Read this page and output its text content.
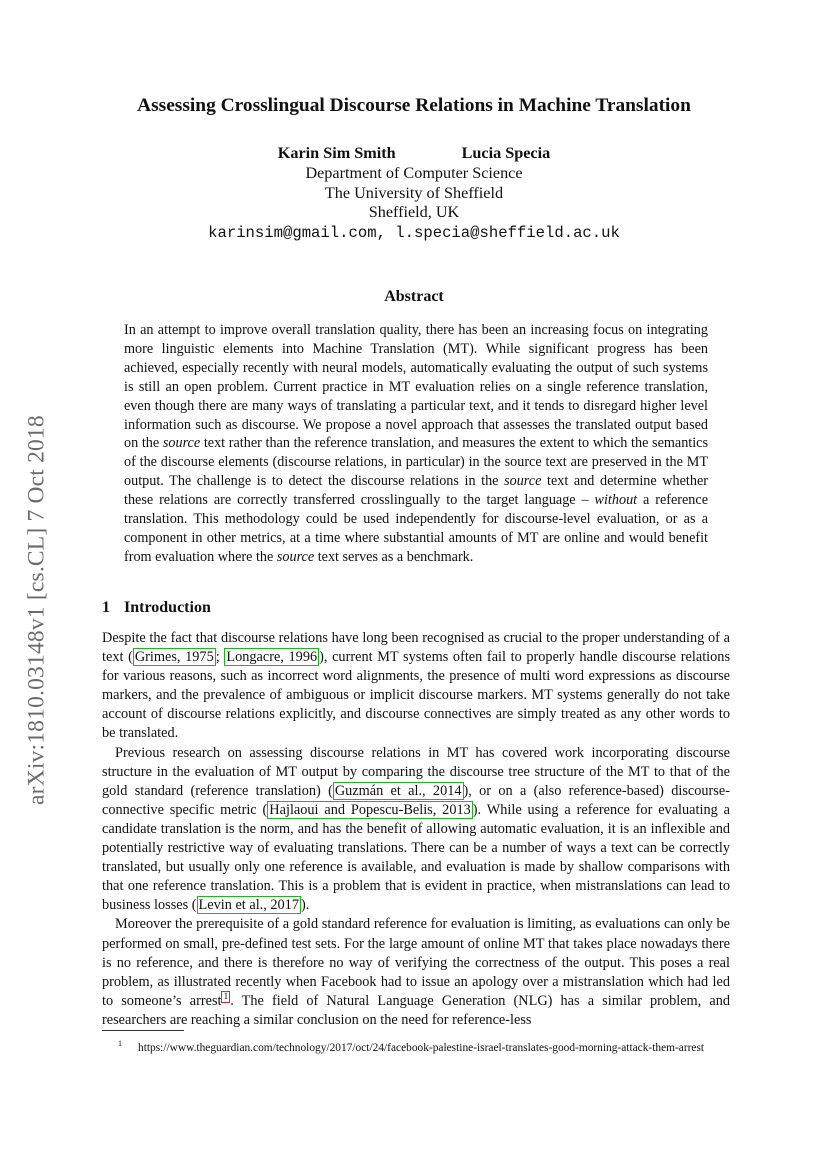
arXiv:1810.03148v1 [cs.CL] 7 Oct 2018
Assessing Crosslingual Discourse Relations in Machine Translation
Karin Sim Smith	Lucia Specia
Department of Computer Science
The University of Sheffield
Sheffield, UK
karinsim@gmail.com, l.specia@sheffield.ac.uk
Abstract

In an attempt to improve overall translation quality, there has been an increasing focus on integrating more linguistic elements into Machine Translation (MT). While significant progress has been achieved, especially recently with neural models, automatically evaluating the output of such systems is still an open problem. Current practice in MT evaluation relies on a single reference translation, even though there are many ways of translating a particular text, and it tends to disregard higher level information such as discourse. We propose a novel approach that assesses the translated output based on the source text rather than the reference translation, and measures the extent to which the semantics of the discourse elements (discourse relations, in particular) in the source text are preserved in the MT output. The challenge is to detect the discourse relations in the source text and determine whether these relations are correctly transferred crosslingually to the target language – without a reference translation. This methodology could be used independently for discourse-level evaluation, or as a component in other metrics, at a time where substantial amounts of MT are online and would benefit from evaluation where the source text serves as a benchmark.

1 Introduction

Despite the fact that discourse relations have long been recognised as crucial to the proper understanding of a text ( Grimes, 1975 ; Longacre, 1996 ), current MT systems often fail to properly handle discourse relations for various reasons, such as incorrect word alignments, the presence of multi word expressions as discourse markers, and the prevalence of ambiguous or implicit discourse markers. MT systems generally do not take account of discourse relations explicitly, and discourse connectives are simply treated as any other words to be translated.

Previous research on assessing discourse relations in MT has covered work incorporating discourse structure in the evaluation of MT output by comparing the discourse tree structure of the MT to that of the gold standard (reference translation) ( Guzmán et al., 2014 ), or on a (also reference-based) discourse-connective specific metric ( Hajlaoui and Popescu-Belis, 2013 ). While using a reference for evaluating a candidate translation is the norm, and has the benefit of allowing automatic evaluation, it is an inflexible and potentially restrictive way of evaluating translations. There can be a number of ways a text can be correctly translated, but usually only one reference is available, and evaluation is made by shallow comparisons with that one reference translation. This is a problem that is evident in practice, when mistranslations can lead to business losses ( Levin et al., 2017 ).

Moreover the prerequisite of a gold standard reference for evaluation is limiting, as evaluations can only be performed on small, pre-defined test sets. For the large amount of online MT that takes place nowadays there is no reference, and there is therefore no way of verifying the correctness of the output. This poses a real problem, as illustrated recently when Facebook had to issue an apology over a mistranslation which had led to someone’s arrest $^1$ . The field of Natural Language Generation (NLG) has a similar problem, and researchers are reaching a similar conclusion on the need for reference-less

1 https://www.theguardian.com/technology/2017/oct/24/facebook-palestine-israel-translates-good-morning-attack-them-arrest
